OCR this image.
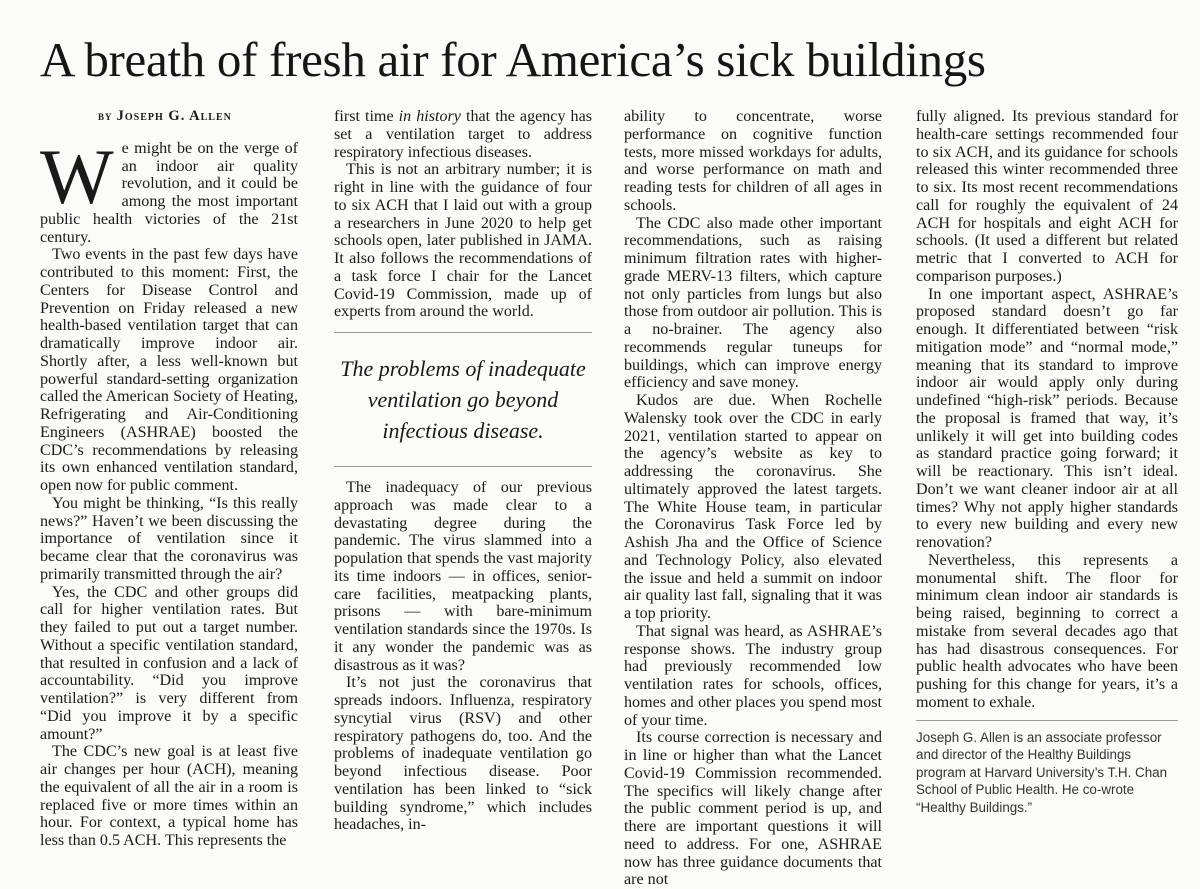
A breath of fresh air for America’s sick buildings
by Joseph G. Allen

We might be on the verge of an indoor air quality revolution, and it could be among the most important public health victories of the 21st century.

Two events in the past few days have contributed to this moment: First, the Centers for Disease Control and Prevention on Friday released a new health-based ventilation target that can dramatically improve indoor air. Shortly after, a less well-known but powerful standard-setting organization called the American Society of Heating, Refrigerating and Air-Conditioning Engineers (ASHRAE) boosted the CDC’s recommendations by releasing its own enhanced ventilation standard, open now for public comment.

You might be thinking, “Is this really news?” Haven’t we been discussing the importance of ventilation since it became clear that the coronavirus was primarily transmitted through the air?

Yes, the CDC and other groups did call for higher ventilation rates. But they failed to put out a target number. Without a specific ventilation standard, that resulted in confusion and a lack of accountability. “Did you improve ventilation?” is very different from “Did you improve it by a specific amount?”

The CDC’s new goal is at least five air changes per hour (ACH), meaning the equivalent of all the air in a room is replaced five or more times within an hour. For context, a typical home has less than 0.5 ACH. This represents the

first time in history that the agency has set a ventilation target to address respiratory infectious diseases.

This is not an arbitrary number; it is right in line with the guidance of four to six ACH that I laid out with a group a researchers in June 2020 to help get schools open, later published in JAMA. It also follows the recommendations of a task force I chair for the Lancet Covid-19 Commission, made up of experts from around the world.

The problems of inadequate ventilation go beyond infectious disease.

The inadequacy of our previous approach was made clear to a devastating degree during the pandemic. The virus slammed into a population that spends the vast majority its time indoors — in offices, senior-care facilities, meatpacking plants, prisons — with bare-minimum ventilation standards since the 1970s. Is it any wonder the pandemic was as disastrous as it was?

It’s not just the coronavirus that spreads indoors. Influenza, respiratory syncytial virus (RSV) and other respiratory pathogens do, too. And the problems of inadequate ventilation go beyond infectious disease. Poor ventilation has been linked to “sick building syndrome,” which includes headaches, in-

ability to concentrate, worse performance on cognitive function tests, more missed workdays for adults, and worse performance on math and reading tests for children of all ages in schools.

The CDC also made other important recommendations, such as raising minimum filtration rates with higher-grade MERV-13 filters, which capture not only particles from lungs but also those from outdoor air pollution. This is a no-brainer. The agency also recommends regular tuneups for buildings, which can improve energy efficiency and save money.

Kudos are due. When Rochelle Walensky took over the CDC in early 2021, ventilation started to appear on the agency’s website as key to addressing the coronavirus. She ultimately approved the latest targets. The White House team, in particular the Coronavirus Task Force led by Ashish Jha and the Office of Science and Technology Policy, also elevated the issue and held a summit on indoor air quality last fall, signaling that it was a top priority.

That signal was heard, as ASHRAE’s response shows. The industry group had previously recommended low ventilation rates for schools, offices, homes and other places you spend most of your time.

Its course correction is necessary and in line or higher than what the Lancet Covid-19 Commission recommended. The specifics will likely change after the public comment period is up, and there are important questions it will need to address. For one, ASHRAE now has three guidance documents that are not

fully aligned. Its previous standard for health-care settings recommended four to six ACH, and its guidance for schools released this winter recommended three to six. Its most recent recommendations call for roughly the equivalent of 24 ACH for hospitals and eight ACH for schools. (It used a different but related metric that I converted to ACH for comparison purposes.)

In one important aspect, ASHRAE’s proposed standard doesn’t go far enough. It differentiated between “risk mitigation mode” and “normal mode,” meaning that its standard to improve indoor air would apply only during undefined “high-risk” periods. Because the proposal is framed that way, it’s unlikely it will get into building codes as standard practice going forward; it will be reactionary. This isn’t ideal. Don’t we want cleaner indoor air at all times? Why not apply higher standards to every new building and every new renovation?

Nevertheless, this represents a monumental shift. The floor for minimum clean indoor air standards is being raised, beginning to correct a mistake from several decades ago that has had disastrous consequences. For public health advocates who have been pushing for this change for years, it’s a moment to exhale.

Joseph G. Allen is an associate professor and director of the Healthy Buildings program at Harvard University’s T.H. Chan School of Public Health. He co-wrote “Healthy Buildings.”
